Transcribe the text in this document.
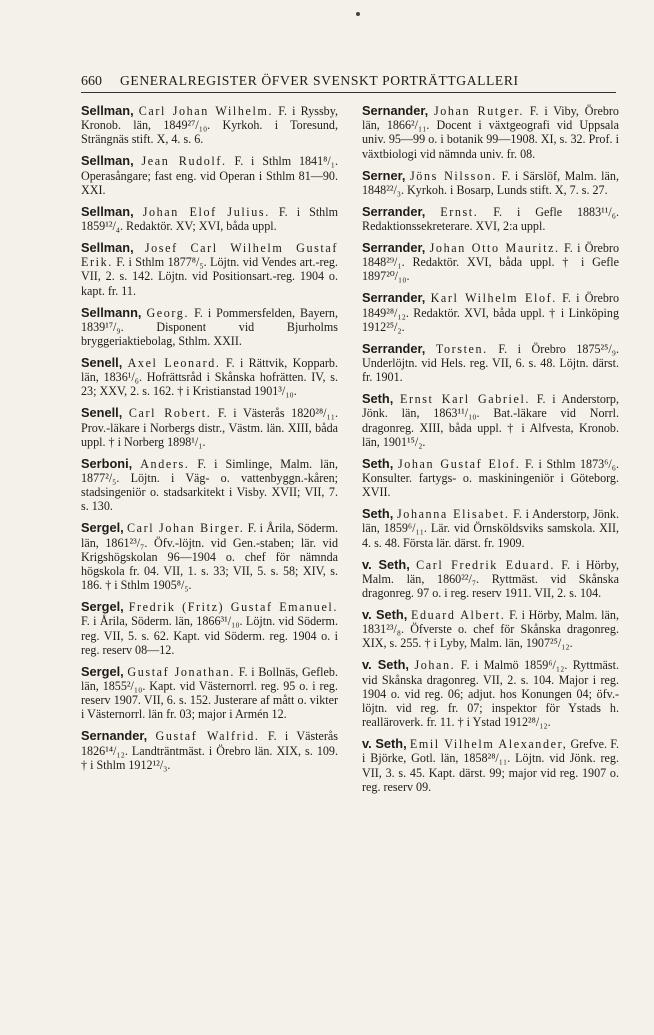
660 GENERALREGISTER ÖFVER SVENSKT PORTRÄTTGALLERI

Sellman, Carl Johan Wilhelm. F. i Ryssby, Kronob. län, 1849²⁷/₁₀. Kyrkoh. i Toresund, Strängnäs stift. X, 4. s. 6.

Sellman, Jean Rudolf. F. i Sthlm 1841⁸/₁. Operasångare; fast eng. vid Operan i Sthlm 81—90. XXI.

Sellman, Johan Elof Julius. F. i Sthlm 1859¹²/₄. Redaktör. XV; XVI, båda uppl.

Sellman, Josef Carl Wilhelm Gustaf Erik. F. i Sthlm 1877⁸/₅. Löjtn. vid Vendes art.-reg. VII, 2. s. 142. Löjtn. vid Positionsart.-reg. 1904 o. kapt. fr. 11.

Sellmann, Georg. F. i Pommersfelden, Bayern, 1839¹⁷/₉. Disponent vid Bjurholms bryggeriaktiebolag, Sthlm. XXII.

Senell, Axel Leonard. F. i Rättvik, Kopparb. län, 1836¹/₆. Hofrättsråd i Skånska hofrätten. IV, s. 23; XXV, 2. s. 162. † i Kristianstad 1901³/₁₀.

Senell, Carl Robert. F. i Västerås 1820²⁸/₁₁. Prov.-läkare i Norbergs distr., Västm. län. XIII, båda uppl. † i Norberg 1898¹/₁.

Serboni, Anders. F. i Simlinge, Malm. län, 1877²/₅. Löjtn. i Väg- o. vattenbyggn.-kåren; stadsingeniör o. stadsarkitekt i Visby. XVII; VII, 7. s. 130.

Sergel, Carl Johan Birger. F. i Årila, Söderm. län, 1861²³/₇. Öfv.-löjtn. vid Gen.-staben; lär. vid Krigshögskolan 96—1904 o. chef för nämnda högskola fr. 04. VII, 1. s. 33; VII, 5. s. 58; XIV, s. 186. † i Sthlm 1905⁸/₅.

Sergel, Fredrik (Fritz) Gustaf Emanuel. F. i Årila, Söderm. län, 1866³¹/₁₀. Löjtn. vid Söderm. reg. VII, 5. s. 62. Kapt. vid Söderm. reg. 1904 o. i reg. reserv 08—12.

Sergel, Gustaf Jonathan. F. i Bollnäs, Gefleb. län, 1855²/₁₀. Kapt. vid Västernorrl. reg. 95 o. i reg. reserv 1907. VII, 6. s. 152. Justerare af mått o. vikter i Västernorrl. län fr. 03; major i Armén 12.

Sernander, Gustaf Walfrid. F. i Västerås 1826¹⁴/₁₂. Landträntmäst. i Örebro län. XIX, s. 109. † i Sthlm 1912¹²/₃.

Sernander, Johan Rutger. F. i Viby, Örebro län, 1866²/₁₁. Docent i växtgeografi vid Uppsala univ. 95—99 o. i botanik 99—1908. XI, s. 32. Prof. i växtbiologi vid nämnda univ. fr. 08.

Serner, Jöns Nilsson. F. i Särslöf, Malm. län, 1848²²/₃. Kyrkoh. i Bosarp, Lunds stift. X, 7. s. 27.

Serrander, Ernst. F. i Gefle 1883¹¹/₆. Redaktionssekreterare. XVI, 2:a uppl.

Serrander, Johan Otto Mauritz. F. i Örebro 1848²⁹/₁. Redaktör. XVI, båda uppl. † i Gefle 1897²⁰/₁₀.

Serrander, Karl Wilhelm Elof. F. i Örebro 1849²⁸/₁₂. Redaktör. XVI, båda uppl. † i Linköping 1912²⁵/₂.

Serrander, Torsten. F. i Örebro 1875²⁵/₉. Underlöjtn. vid Hels. reg. VII, 6. s. 48. Löjtn. därst. fr. 1901.

Seth, Ernst Karl Gabriel. F. i Anderstorp, Jönk. län, 1863¹¹/₁₀. Bat.-läkare vid Norrl. dragonreg. XIII, båda uppl. † i Alfvesta, Kronob. län, 1901¹⁵/₂.

Seth, Johan Gustaf Elof. F. i Sthlm 1873⁶/₆. Konsulter. fartygs- o. maskiningeniör i Göteborg. XVII.

Seth, Johanna Elisabet. F. i Anderstorp, Jönk. län, 1859⁶/₁₁. Lär. vid Örnsköldsviks samskola. XII, 4. s. 48. Första lär. därst. fr. 1909.

v. Seth, Carl Fredrik Eduard. F. i Hörby, Malm. län, 1860²²/₇. Ryttmäst. vid Skånska dragonreg. 97 o. i reg. reserv 1911. VII, 2. s. 104.

v. Seth, Eduard Albert. F. i Hörby, Malm. län, 1831²³/₈. Öfverste o. chef för Skånska dragonreg. XIX, s. 255. † i Lyby, Malm. län, 1907²⁵/₁₂.

v. Seth, Johan. F. i Malmö 1859⁶/₁₂. Ryttmäst. vid Skånska dragonreg. VII, 2. s. 104. Major i reg. 1904 o. vid reg. 06; adjut. hos Konungen 04; öfv.-löjtn. vid reg. fr. 07; inspektor för Ystads h. realläroverk. fr. 11. † i Ystad 1912²⁸/₁₂.

v. Seth, Emil Vilhelm Alexander, Grefve. F. i Björke, Gotl. län, 1858²⁸/₁₁. Löjtn. vid Jönk. reg. VII, 3. s. 45. Kapt. därst. 99; major vid reg. 1907 o. reg. reserv 09.
